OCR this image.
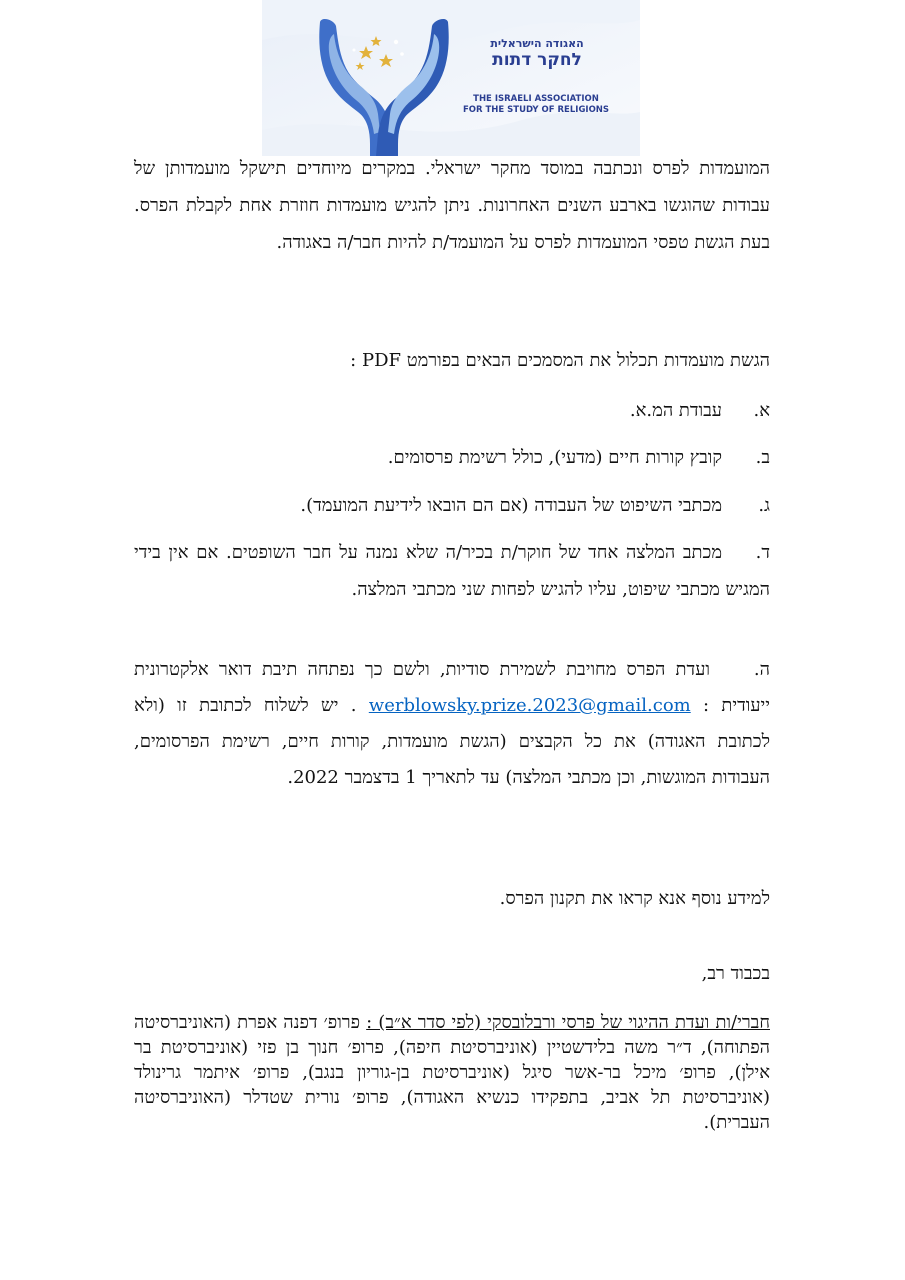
האגודה הישראלית
לחקר דתות
THE ISRAELI ASSOCIATION
FOR THE STUDY OF RELIGIONS

המועמדות לפרס ונכתבה במוסד מחקר ישראלי. במקרים מיוחדים תישקל מועמדותן של עבודות שהוגשו בארבע השנים האחרונות. ניתן להגיש מועמדות חוזרת אחת לקבלת הפרס. בעת הגשת טפסי המועמדות לפרס על המועמד/ת להיות חבר/ה באגודה.

הגשת מועמדות תכלול את המסמכים הבאים בפורמט PDF :

א.עבודת המ.א.
ב.קובץ קורות חיים (מדעי), כולל רשימת פרסומים.
ג.מכתבי השיפוט של העבודה (אם הם הובאו לידיעת המועמד).
ד.מכתב המלצה אחד של חוקר/ת בכיר/ה שלא נמנה על חבר השופטים. אם אין בידי המגיש מכתבי שיפוט, עליו להגיש לפחות שני מכתבי המלצה.
ה.ועדת הפרס מחויבת לשמירת סודיות, ולשם כך נפתחה תיבת דואר אלקטרונית ייעודית : werblowsky.prize.2023@gmail.com . יש לשלוח לכתובת זו (ולא לכתובת האגודה) את כל הקבצים (הגשת מועמדות, קורות חיים, רשימת הפרסומים, העבודות המוגשות, וכן מכתבי המלצה) עד לתאריך 1 בדצמבר 2022.

למידע נוסף אנא קראו את תקנון הפרס.

בכבוד רב,

חברי/ות ועדת ההיגוי של פרסי ורבלובסקי (לפי סדר א״ב) : פרופ׳ דפנה אפרת (האוניברסיטה הפתוחה), ד״ר משה בלידשטיין (אוניברסיטת חיפה), פרופ׳ חנוך בן פזי (אוניברסיטת בר אילן), פרופ׳ מיכל בר-אשר סיגל (אוניברסיטת בן-גוריון בנגב), פרופ׳ איתמר גרינולד (אוניברסיטת תל אביב, בתפקידו כנשיא האגודה), פרופ׳ נורית שטדלר (האוניברסיטה העברית).
